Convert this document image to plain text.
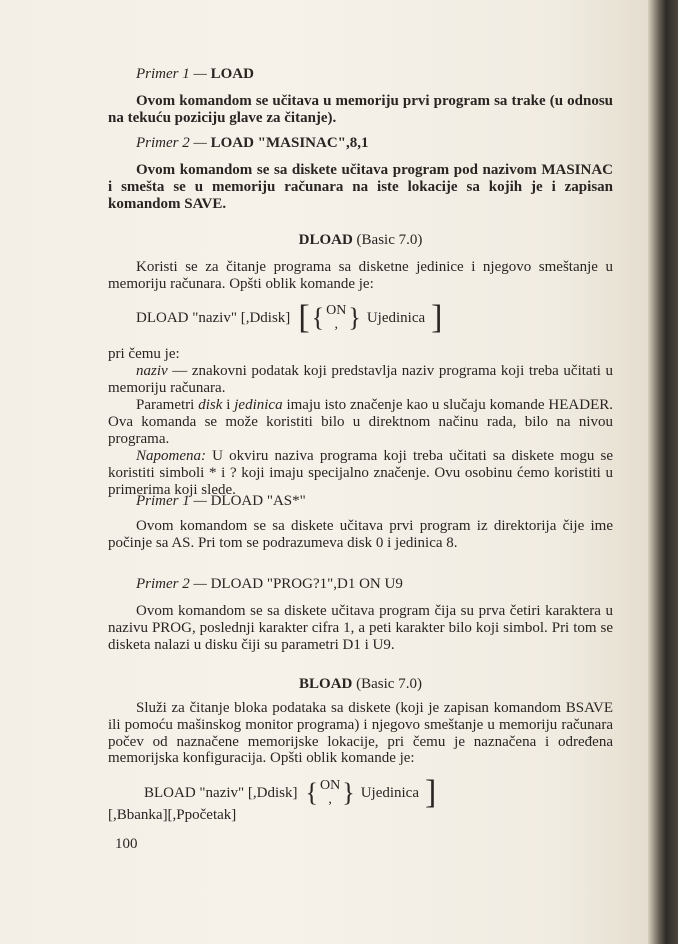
Primer 1 — LOAD

Ovom komandom se učitava u memoriju prvi program sa trake (u odnosu na tekuću poziciju glave za čitanje).

Primer 2 — LOAD "MASINAC",8,1

Ovom komandom se sa diskete učitava program pod nazivom MASINAC i smešta se u memoriju računara na iste lokacije sa kojih je i zapisan komandom SAVE.

DLOAD (Basic 7.0)

Koristi se za čitanje programa sa disketne jedinice i njegovo smeštanje u memoriju računara. Opšti oblik komande je:

DLOAD "naziv" [,Ddisk] [ { ON
, } Ujedinica ]

pri čemu je:

naziv — znakovni podatak koji predstavlja naziv programa koji treba učitati u memoriju računara.

Parametri disk i jedinica imaju isto značenje kao u slučaju komande HEADER. Ova komanda se može koristiti bilo u direktnom načinu rada, bilo na nivou programa.

Napomena: U okviru naziva programa koji treba učitati sa diskete mogu se koristiti simboli * i ? koji imaju specijalno značenje. Ovu osobinu ćemo koristiti u primerima koji slede.

Primer 1 — DLOAD "AS*"

Ovom komandom se sa diskete učitava prvi program iz direktorija čije ime počinje sa AS. Pri tom se podrazumeva disk 0 i jedinica 8.

Primer 2 — DLOAD "PROG?1",D1 ON U9

Ovom komandom se sa diskete učitava program čija su prva četiri karaktera u nazivu PROG, poslednji karakter cifra 1, a peti karakter bilo koji simbol. Pri tom se disketa nalazi u disku čiji su parametri D1 i U9.

BLOAD (Basic 7.0)

Služi za čitanje bloka podataka sa diskete (koji je zapisan komandom BSAVE ili pomoću mašinskog monitor programa) i njegovo smeštanje u memoriju računara počev od naznačene memorijske lokacije, pri čemu je naznačena i određena memorijska konfiguracija. Opšti oblik komande je:

BLOAD "naziv" [,Ddisk] { ON
, } Ujedinica ]

[,Bbanka][,Ppočetak]

100
